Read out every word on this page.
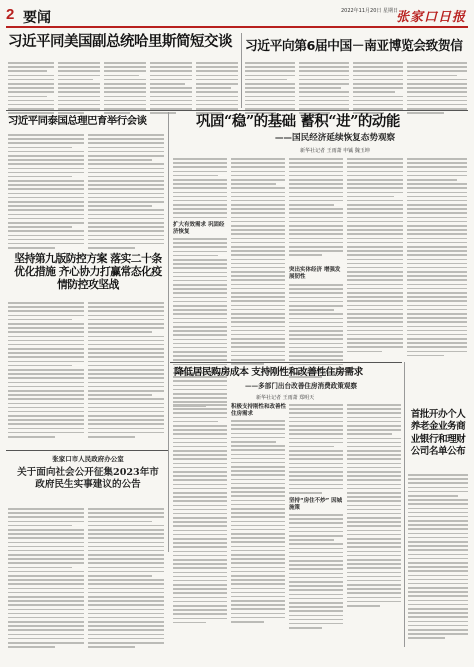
2 要闻	2022年11月20日 星期日
张家口日报
习近平同美国副总统哈里斯简短交谈	习近平向第6届中国－南亚博览会致贺信
习近平同泰国总理巴育举行会谈
坚持第九版防控方案 落实二十条优化措施 齐心协力打赢常态化疫情防控攻坚战
张家口市人民政府办公室
关于面向社会公开征集2023年市政府民生实事建议的公告
巩固“稳”的基础 蓄积“进”的动能
——国民经济延续恢复态势观察
新华社记者 王雨萧 申铖 魏玉坤
扩大有效需求 巩固经济恢复
突出实体经济 增强发展韧性
降低居民购房成本 支持刚性和改善性住房需求
——多部门出台改善住房消费政策观察
新华社记者 王雨萧 郑明天
积极支持刚性和改善性住房需求
坚持“房住不炒” 因城施策
首批开办个人养老金业务商业银行和理财公司名单公布
